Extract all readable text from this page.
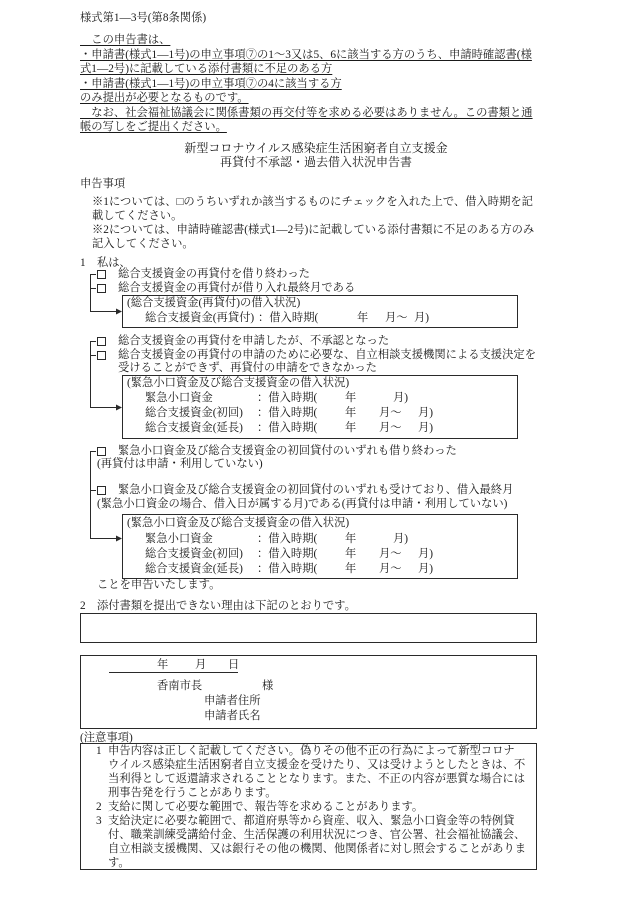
様式第1―3号(第8条関係)
　この申告書は、
・申請書(様式1―1号)の申立事項⑦の1～3又は5、6に該当する方のうち、申請時確認書(様
式1―2号)に記載している添付書類に不足のある方
・申請書(様式1―1号)の申立事項⑦の4に該当する方
のみ提出が必要となるものです。
　なお、社会福祉協議会に関係書類の再交付等を求める必要はありません。この書類と通
帳の写しをご提出ください。
新型コロナウイルス感染症生活困窮者自立支援金
再貸付不承認・過去借入状況申告書
申告事項
※1については、□のうちいずれか該当するものにチェックを入れた上で、借入時期を記
載してください。
※2については、申請時確認書(様式1―2号)に記載している添付書類に不足のある方のみ
記入してください。
1　私は、
総合支援資金の再貸付を借り終わった
総合支援資金の再貸付が借り入れ最終月である
(総合支援資金(再貸付)の借入状況)
総合支援資金(再貸付) ：借入時期(	年 月～ 月)
総合支援資金の再貸付を申請したが、不承認となった
総合支援資金の再貸付の申請のために必要な、自立相談支援機関による支援決定を
受けることができず、再貸付の申請をできなかった
(緊急小口資金及び総合支援資金の借入状況)
緊急小口資金	：借入時期( 年	月)
総合支援資金(初回) ：借入時期( 年 月～ 月)
総合支援資金(延長) ：借入時期( 年 月～ 月)
緊急小口資金及び総合支援資金の初回貸付のいずれも借り終わった
(再貸付は申請・利用していない)
緊急小口資金及び総合支援資金の初回貸付のいずれも受けており、借入最終月
(緊急小口資金の場合、借入日が属する月)である(再貸付は申請・利用していない)
(緊急小口資金及び総合支援資金の借入状況)
緊急小口資金	：借入時期( 年	月)
総合支援資金(初回) ：借入時期( 年 月～ 月)
総合支援資金(延長) ：借入時期( 年 月～ 月)
ことを申告いたします。
2　添付書類を提出できない理由は下記のとおりです。
年 月 日
香南市長	様
申請者住所
申請者氏名
(注意事項)
1 申告内容は正しく記載してください。偽りその他不正の行為によって新型コロナ
ウイルス感染症生活困窮者自立支援金を受けたり、又は受けようとしたときは、不
当利得として返還請求されることとなります。また、不正の内容が悪質な場合には
刑事告発を行うことがあります。
2 支給に関して必要な範囲で、報告等を求めることがあります。
3 支給決定に必要な範囲で、都道府県等から資産、収入、緊急小口資金等の特例貸
付、職業訓練受講給付金、生活保護の利用状況につき、官公署、社会福祉協議会、
自立相談支援機関、又は銀行その他の機関、他関係者に対し照会することがありま
す。
